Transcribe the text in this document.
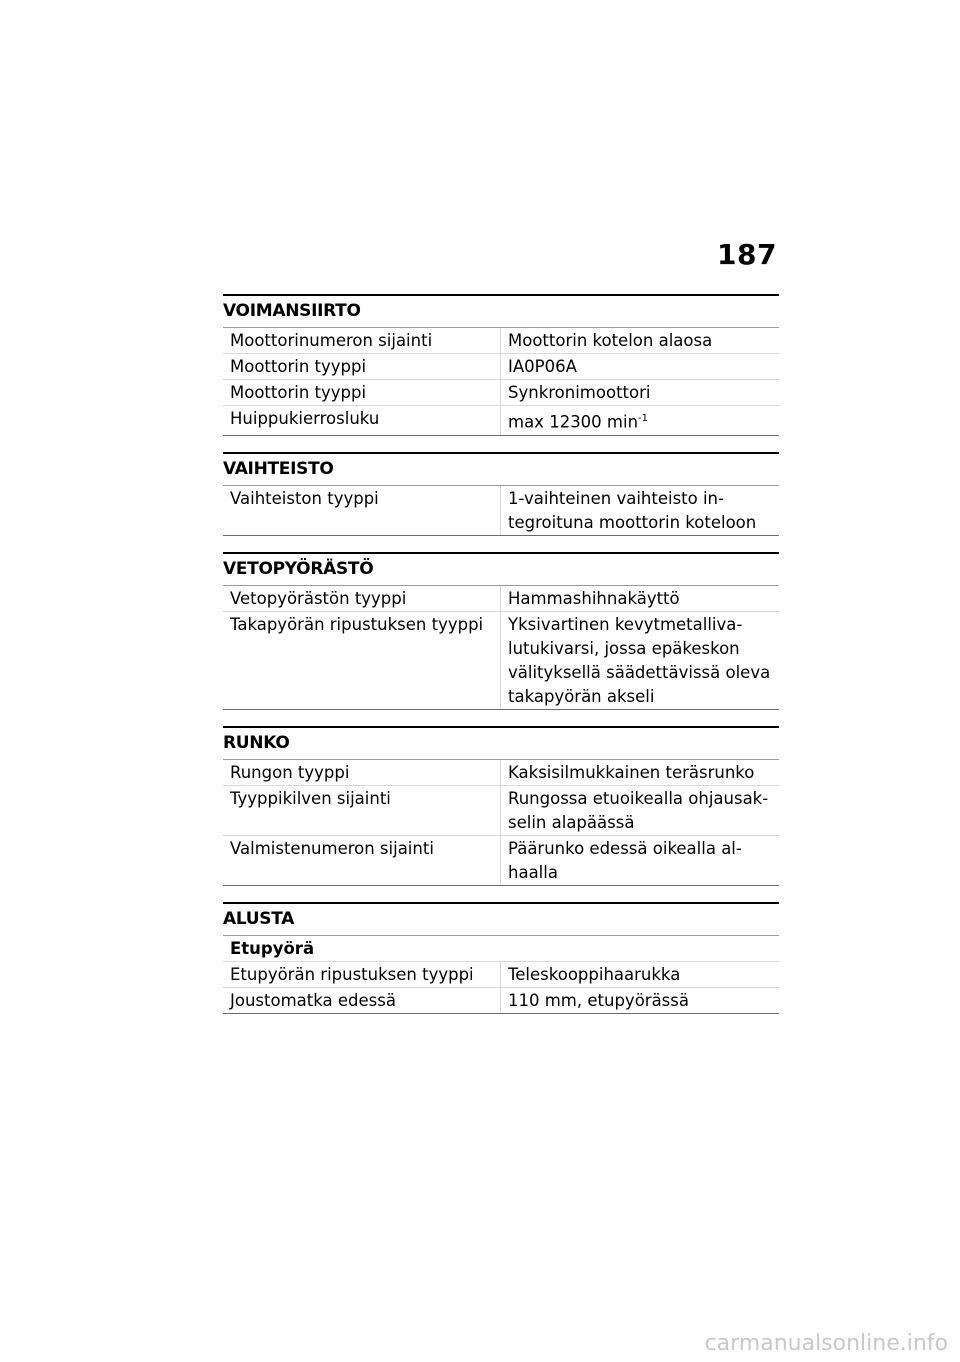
187
VOIMANSIIRTO
Moottorinumeron sijainti	Moottorin kotelon alaosa
Moottorin tyyppi	IA0P06A
Moottorin tyyppi	Synkronimoottori
Huippukierrosluku	max 12300 $\min^{-1}$
VAIHTEISTO
Vaihteiston tyyppi	1-vaihteinen vaihteisto in-
tegroituna moottorin koteloon
VETOPYÖRÄSTÖ
Vetopyörästön tyyppi	Hammashihnakäyttö
Takapyörän ripustuksen tyyppi	Yksivartinen kevytmetalliva-
lutukivarsi, jossa epäkeskon
välityksellä säädettävissä oleva
takapyörän akseli
RUNKO
Rungon tyyppi	Kaksisilmukkainen teräsrunko
Tyyppikilven sijainti	Rungossa etuoikealla ohjausak-
selin alapäässä
Valmistenumeron sijainti	Päärunko edessä oikealla al-
haalla
ALUSTA
Etupyörä	
Etupyörän ripustuksen tyyppi	Teleskooppihaarukka
Joustomatka edessä	110 mm, etupyörässä
carmanualsonline.info
